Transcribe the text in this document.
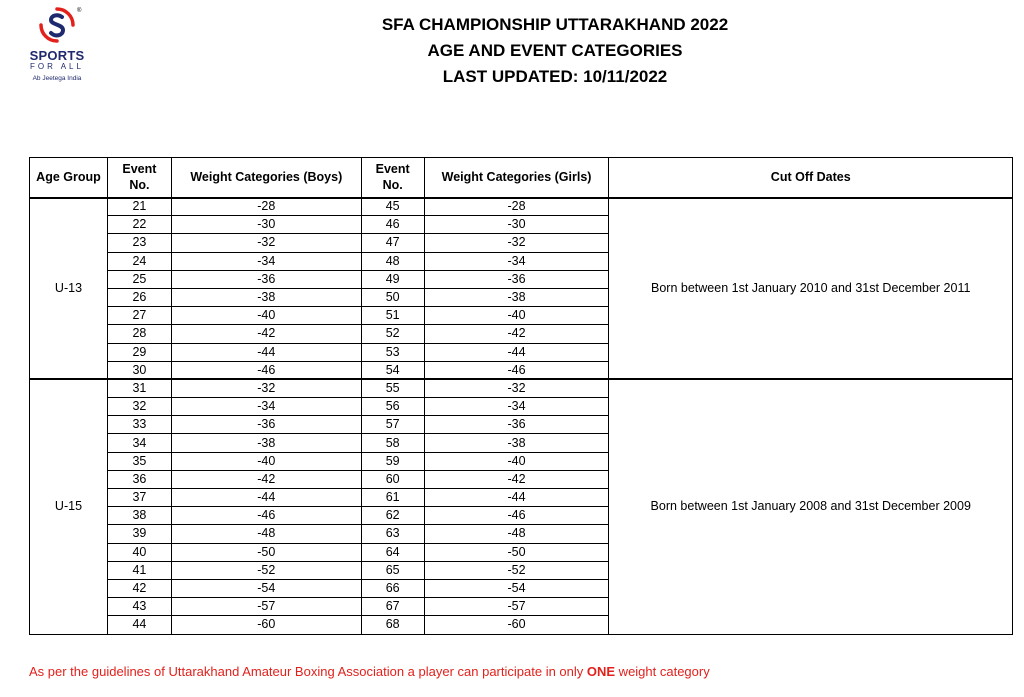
®
SPORTS
FOR ALL
Ab Jeetega India
SFA CHAMPIONSHIP UTTARAKHAND 2022
AGE AND EVENT CATEGORIES
LAST UPDATED: 10/11/2022
Age Group	Event No.	Weight Categories (Boys)	Event No.	Weight Categories (Girls)	Cut Off Dates
U-13	21	-28	45	-28	Born between 1st January 2010 and 31st December 2011
	22	-30	46	-30	
	23	-32	47	-32	
	24	-34	48	-34	
	25	-36	49	-36	
	26	-38	50	-38	
	27	-40	51	-40	
	28	-42	52	-42	
	29	-44	53	-44	
	30	-46	54	-46	
U-15	31	-32	55	-32	Born between 1st January 2008 and 31st December 2009
	32	-34	56	-34	
	33	-36	57	-36	
	34	-38	58	-38	
	35	-40	59	-40	
	36	-42	60	-42	
	37	-44	61	-44	
	38	-46	62	-46	
	39	-48	63	-48	
	40	-50	64	-50	
	41	-52	65	-52	
	42	-54	66	-54	
	43	-57	67	-57	
	44	-60	68	-60	
As per the guidelines of Uttarakhand Amateur Boxing Association a player can participate in only ONE weight category
